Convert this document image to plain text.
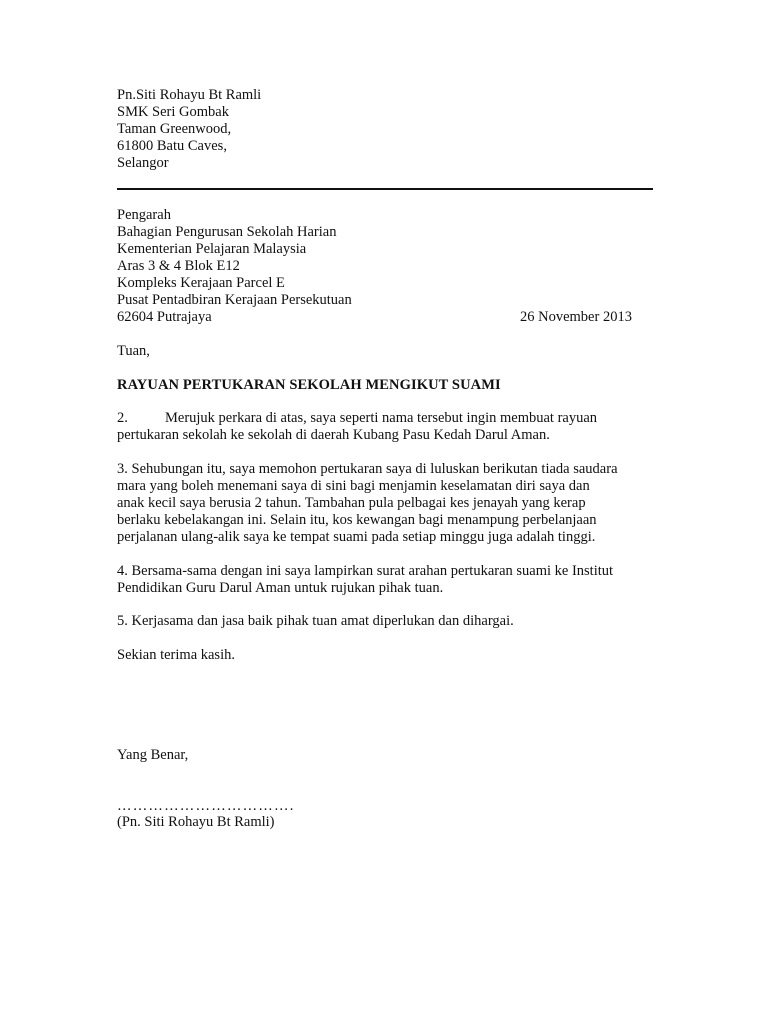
Pn.Siti Rohayu Bt Ramli
SMK Seri Gombak
Taman Greenwood,
61800 Batu Caves,
Selangor
Pengarah
Bahagian Pengurusan Sekolah Harian
Kementerian Pelajaran Malaysia
Aras 3 & 4 Blok E12
Kompleks Kerajaan Parcel E
Pusat Pentadbiran Kerajaan Persekutuan
62604 Putrajaya	26 November 2013
Tuan,
RAYUAN PERTUKARAN SEKOLAH MENGIKUT SUAMI
2.	Merujuk perkara di atas, saya seperti nama tersebut ingin membuat rayuan
pertukaran sekolah ke sekolah di daerah Kubang Pasu Kedah Darul Aman.
3. Sehubungan itu, saya memohon pertukaran saya di luluskan berikutan tiada saudara
mara yang boleh menemani saya di sini bagi menjamin keselamatan diri saya dan
anak kecil saya berusia 2 tahun. Tambahan pula pelbagai kes jenayah yang kerap
berlaku kebelakangan ini. Selain itu, kos kewangan bagi menampung perbelanjaan
perjalanan ulang-alik saya ke tempat suami pada setiap minggu juga adalah tinggi.
4. Bersama-sama dengan ini saya lampirkan surat arahan pertukaran suami ke Institut
Pendidikan Guru Darul Aman untuk rujukan pihak tuan.
5. Kerjasama dan jasa baik pihak tuan amat diperlukan dan dihargai.
Sekian terima kasih.
Yang Benar,
…………………………….
(Pn. Siti Rohayu Bt Ramli)
